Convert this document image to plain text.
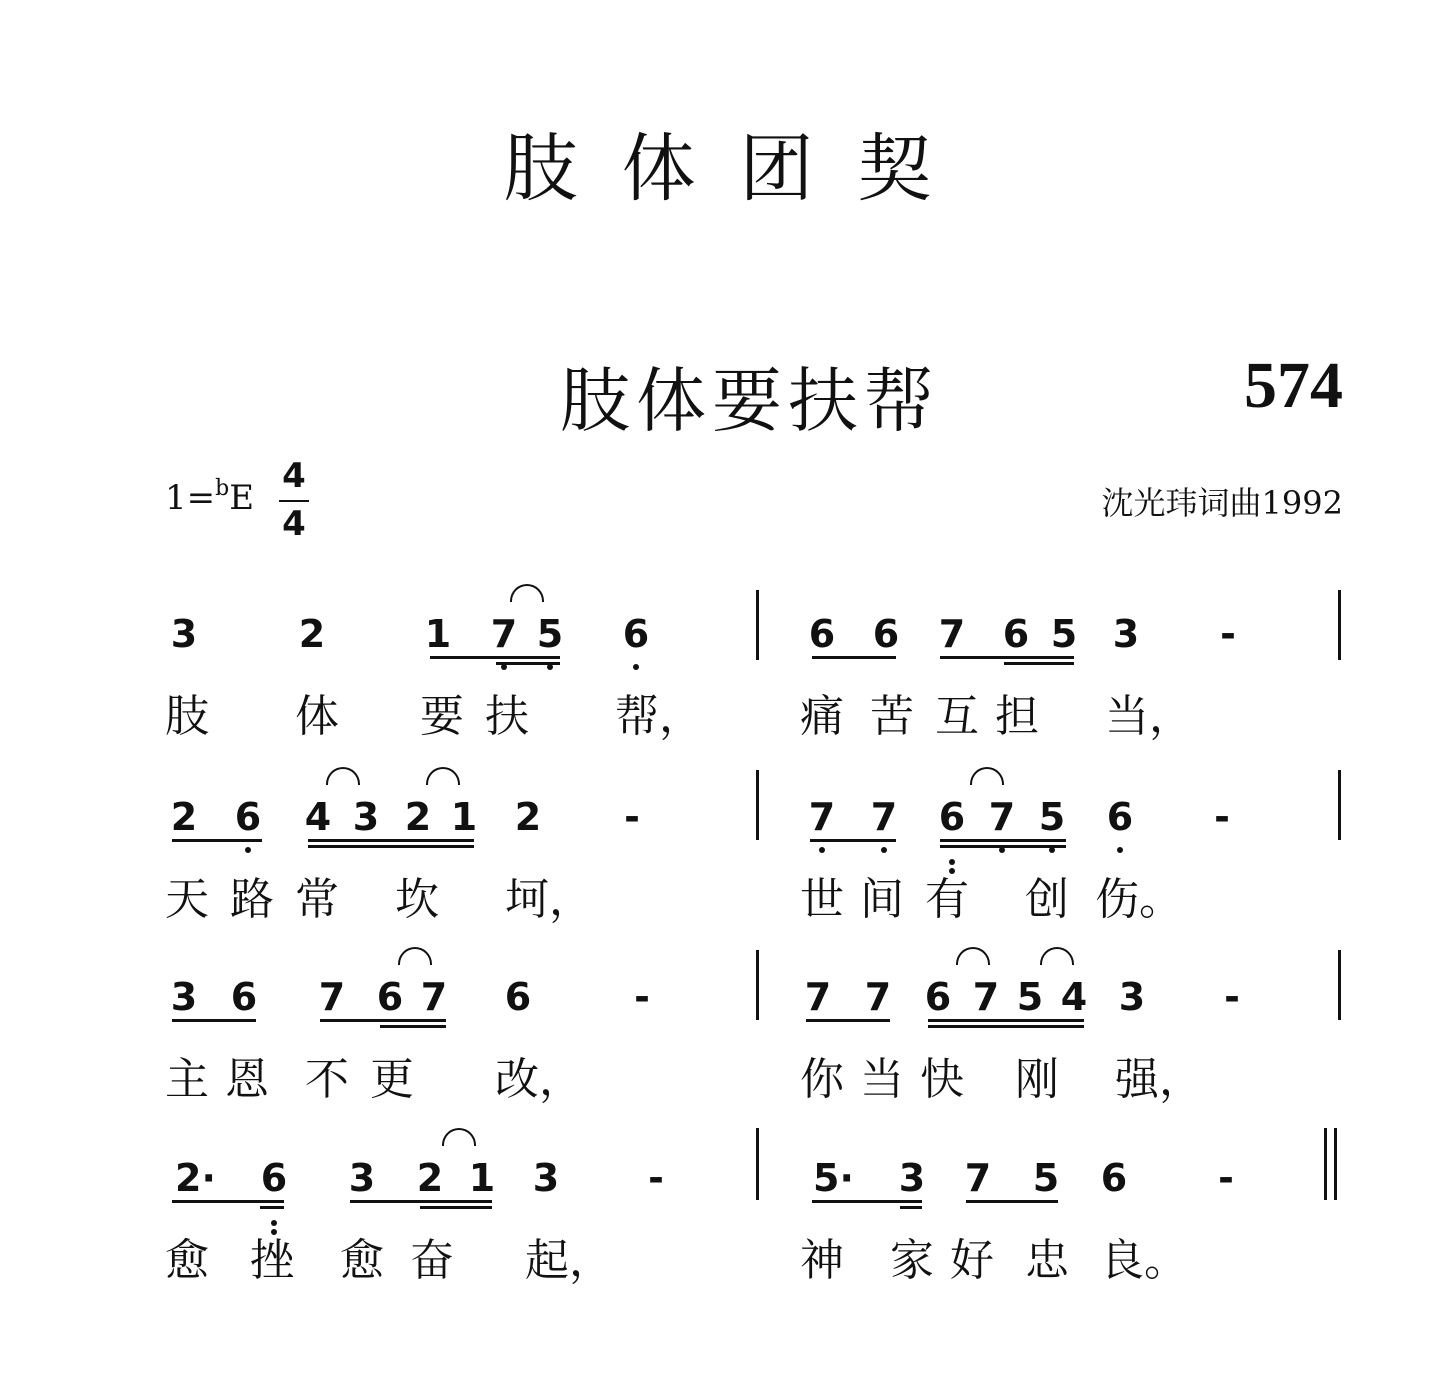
肢体团契
肢体要扶帮	574
1=$^b$E
4
4
沈光玮词曲1992
3	2	1 7 5 6	6 6 7 6 5 3 -
肢	体	要 扶	帮， 痛 苦 互 担	当，
2 6 4 3 2 1 2 -	7 7 6 7 5 6 -
天 路 常	坎	坷，	世 间 有	创 伤。
3 6 7 6 7 6	-	7 7 6 7 5 4 3 -
主 恩 不 更	改，	你 当 快	刚	强，
2· 6 3 2 1 3 -	5· 3 7 5 6 -
愈 挫	愈 奋	起，	神	家 好 忠 良。
